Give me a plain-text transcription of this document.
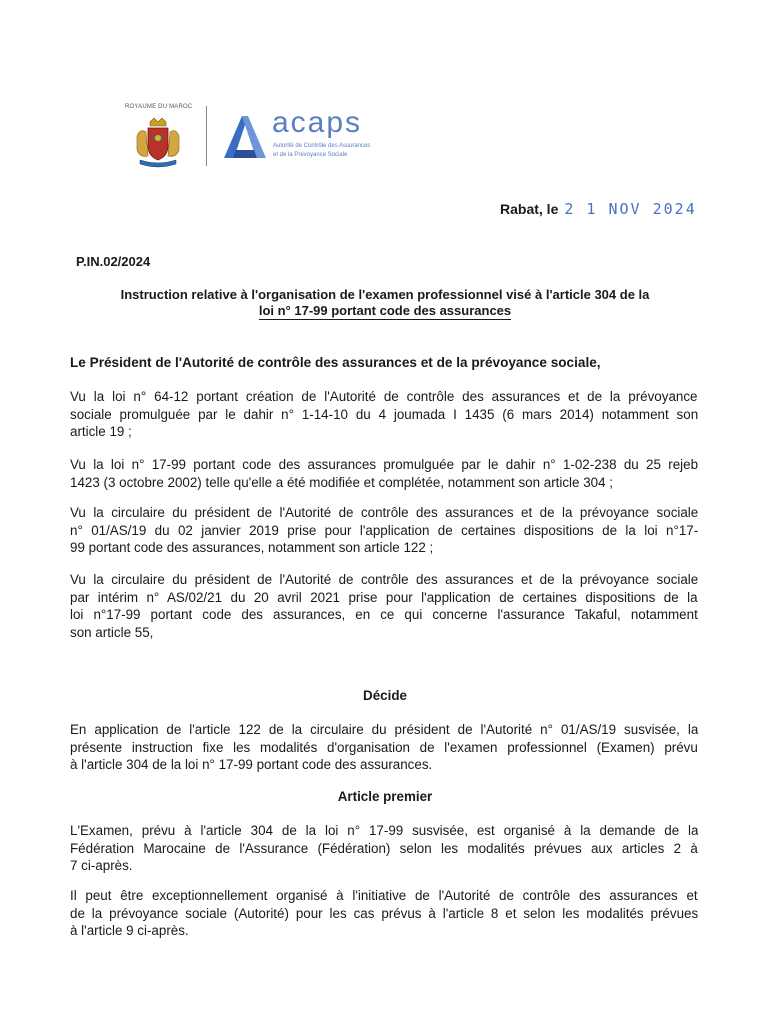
ROYAUME DU MAROC	acaps
Autorité de Contrôle des Assurances
et de la Prévoyance Sociale
Rabat, le 2 1 NOV 2024
P.IN.02/2024
Instruction relative à l'organisation de l'examen professionnel visé à l'article 304 de la
loi n° 17-99 portant code des assurances
Le Président de l'Autorité de contrôle des assurances et de la prévoyance sociale,
Vu la loi n° 64-12 portant création de l'Autorité de contrôle des assurances et de la prévoyance
sociale promulguée par le dahir n° 1-14-10 du 4 joumada I 1435 (6 mars 2014) notamment son
article 19 ;
Vu la loi n° 17-99 portant code des assurances promulguée par le dahir n° 1-02-238 du 25 rejeb
1423 (3 octobre 2002) telle qu'elle a été modifiée et complétée, notamment son article 304 ;
Vu la circulaire du président de l'Autorité de contrôle des assurances et de la prévoyance sociale
n° 01/AS/19 du 02 janvier 2019 prise pour l'application de certaines dispositions de la loi n°17-
99 portant code des assurances, notamment son article 122 ;
Vu la circulaire du président de l'Autorité de contrôle des assurances et de la prévoyance sociale
par intérim n° AS/02/21 du 20 avril 2021 prise pour l'application de certaines dispositions de la
loi n°17-99 portant code des assurances, en ce qui concerne l'assurance Takaful, notamment
son article 55,
Décide
En application de l'article 122 de la circulaire du président de l'Autorité n° 01/AS/19 susvisée, la
présente instruction fixe les modalités d'organisation de l'examen professionnel (Examen) prévu
à l'article 304 de la loi n° 17-99 portant code des assurances.
Article premier
L'Examen, prévu à l'article 304 de la loi n° 17-99 susvisée, est organisé à la demande de la
Fédération Marocaine de l'Assurance (Fédération) selon les modalités prévues aux articles 2 à
7 ci-après.
Il peut être exceptionnellement organisé à l'initiative de l'Autorité de contrôle des assurances et
de la prévoyance sociale (Autorité) pour les cas prévus à l'article 8 et selon les modalités prévues
à l'article 9 ci-après.
